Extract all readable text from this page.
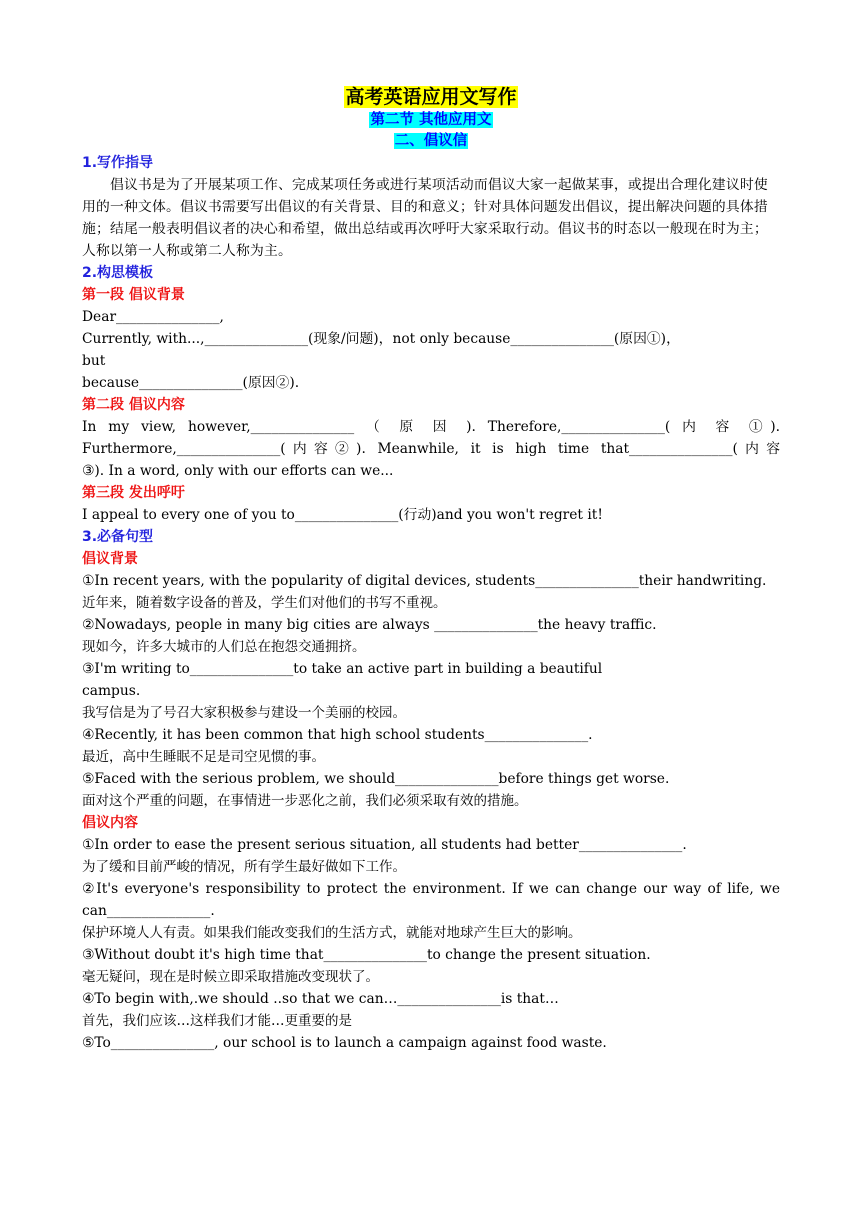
高考英语应用文写作
第二节 其他应用文
二、倡议信
1.写作指导
倡议书是为了开展某项工作、完成某项任务或进行某项活动而倡议大家一起做某事，或提出合理化建议时使用的一种文体。倡议书需要写出倡议的有关背景、目的和意义；针对具体问题发出倡议，提出解决问题的具体措施；结尾一般表明倡议者的决心和希望，做出总结或再次呼吁大家采取行动。倡议书的时态以一般现在时为主；人称以第一人称或第二人称为主。
2.构思模板
第一段 倡议背景
Dear_______________,
Currently, with...,_______________(现象/问题)，not only because_______________(原因①)，
but
because_______________(原因②).
第二段 倡议内容
In my view, however,_______________ （ 原 因 ). Therefore,_______________( 内 容 ①).
Furthermore,_______________(内容②). Meanwhile, it is high time that_______________(内容
③). In a word, only with our efforts can we...
第三段 发出呼吁
I appeal to every one of you to_______________(行动)and you won't regret it!
3.必备句型
倡议背景
①In recent years, with the popularity of digital devices, students_______________their handwriting.
近年来，随着数字设备的普及，学生们对他们的书写不重视。
②Nowadays, people in many big cities are always _______________the heavy traffic.
现如今，许多大城市的人们总在抱怨交通拥挤。
③I'm writing to_______________to take an active part in building a beautiful
campus.
我写信是为了号召大家积极参与建设一个美丽的校园。
④Recently, it has been common that high school students_______________.
最近，高中生睡眠不足是司空见惯的事。
⑤Faced with the serious problem, we should_______________before things get worse.
面对这个严重的问题，在事情进一步恶化之前，我们必须采取有效的措施。
倡议内容
①In order to ease the present serious situation, all students had better_______________.
为了缓和目前严峻的情况，所有学生最好做如下工作。
②It's everyone's responsibility to protect the environment. If we can change our way of life, we can_______________.
保护环境人人有责。如果我们能改变我们的生活方式，就能对地球产生巨大的影响。
③Without doubt it's high time that_______________to change the present situation.
毫无疑问，现在是时候立即采取措施改变现状了。
④To begin with,.we should ..so that we can…_______________is that…
首先，我们应该…这样我们才能…更重要的是
⑤To_______________, our school is to launch a campaign against food waste.
